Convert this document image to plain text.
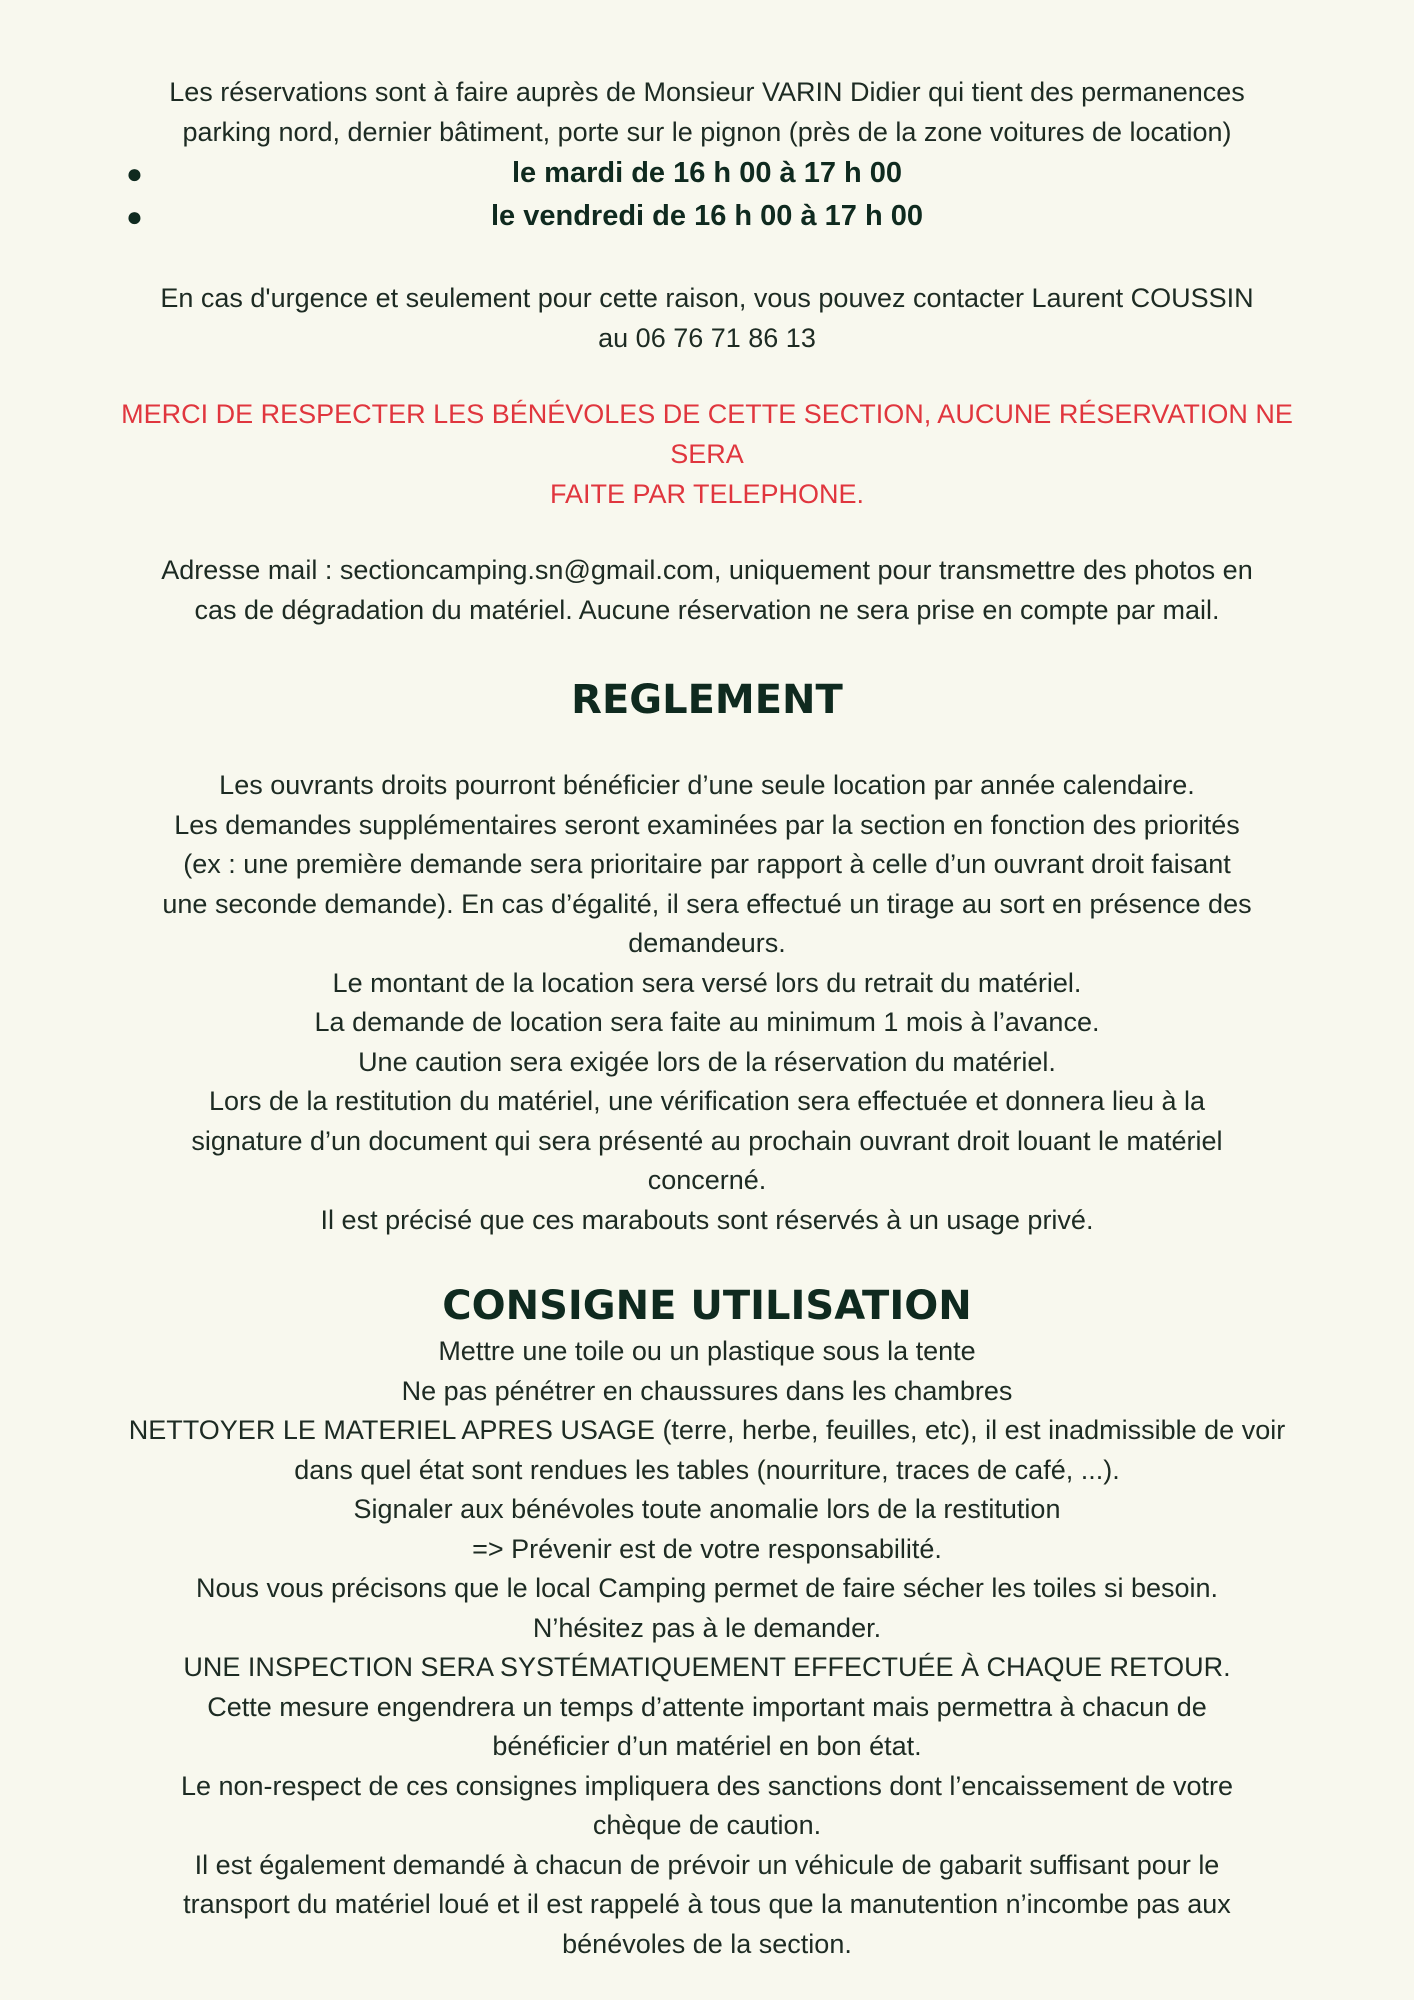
Les réservations sont à faire auprès de Monsieur VARIN Didier qui tient des permanences

parking nord, dernier bâtiment, porte sur le pignon (près de la zone voitures de location)

●	le mardi de 16 h 00 à 17 h 00
●	le vendredi de 16 h 00 à 17 h 00

En cas d'urgence et seulement pour cette raison, vous pouvez contacter Laurent COUSSIN

au 06 76 71 86 13

MERCI DE RESPECTER LES BÉNÉVOLES DE CETTE SECTION, AUCUNE RÉSERVATION NE SERA

FAITE PAR TELEPHONE.

Adresse mail : sectioncamping.sn@gmail.com, uniquement pour transmettre des photos en

cas de dégradation du matériel. Aucune réservation ne sera prise en compte par mail.

REGLEMENT

Les ouvrants droits pourront bénéficier d’une seule location par année calendaire.

Les demandes supplémentaires seront examinées par la section en fonction des priorités

(ex : une première demande sera prioritaire par rapport à celle d’un ouvrant droit faisant

une seconde demande). En cas d’égalité, il sera effectué un tirage au sort en présence des

demandeurs.

Le montant de la location sera versé lors du retrait du matériel.

La demande de location sera faite au minimum 1 mois à l’avance.

Une caution sera exigée lors de la réservation du matériel.

Lors de la restitution du matériel, une vérification sera effectuée et donnera lieu à la

signature d’un document qui sera présenté au prochain ouvrant droit louant le matériel

concerné.

Il est précisé que ces marabouts sont réservés à un usage privé.

CONSIGNE UTILISATION

Mettre une toile ou un plastique sous la tente

Ne pas pénétrer en chaussures dans les chambres

NETTOYER LE MATERIEL APRES USAGE (terre, herbe, feuilles, etc), il est inadmissible de voir

dans quel état sont rendues les tables (nourriture, traces de café, ...).

Signaler aux bénévoles toute anomalie lors de la restitution

=> Prévenir est de votre responsabilité.

Nous vous précisons que le local Camping permet de faire sécher les toiles si besoin.

N’hésitez pas à le demander.

UNE INSPECTION SERA SYSTÉMATIQUEMENT EFFECTUÉE À CHAQUE RETOUR.

Cette mesure engendrera un temps d’attente important mais permettra à chacun de

bénéficier d’un matériel en bon état.

Le non-respect de ces consignes impliquera des sanctions dont l’encaissement de votre

chèque de caution.

Il est également demandé à chacun de prévoir un véhicule de gabarit suffisant pour le

transport du matériel loué et il est rappelé à tous que la manutention n’incombe pas aux

bénévoles de la section.
